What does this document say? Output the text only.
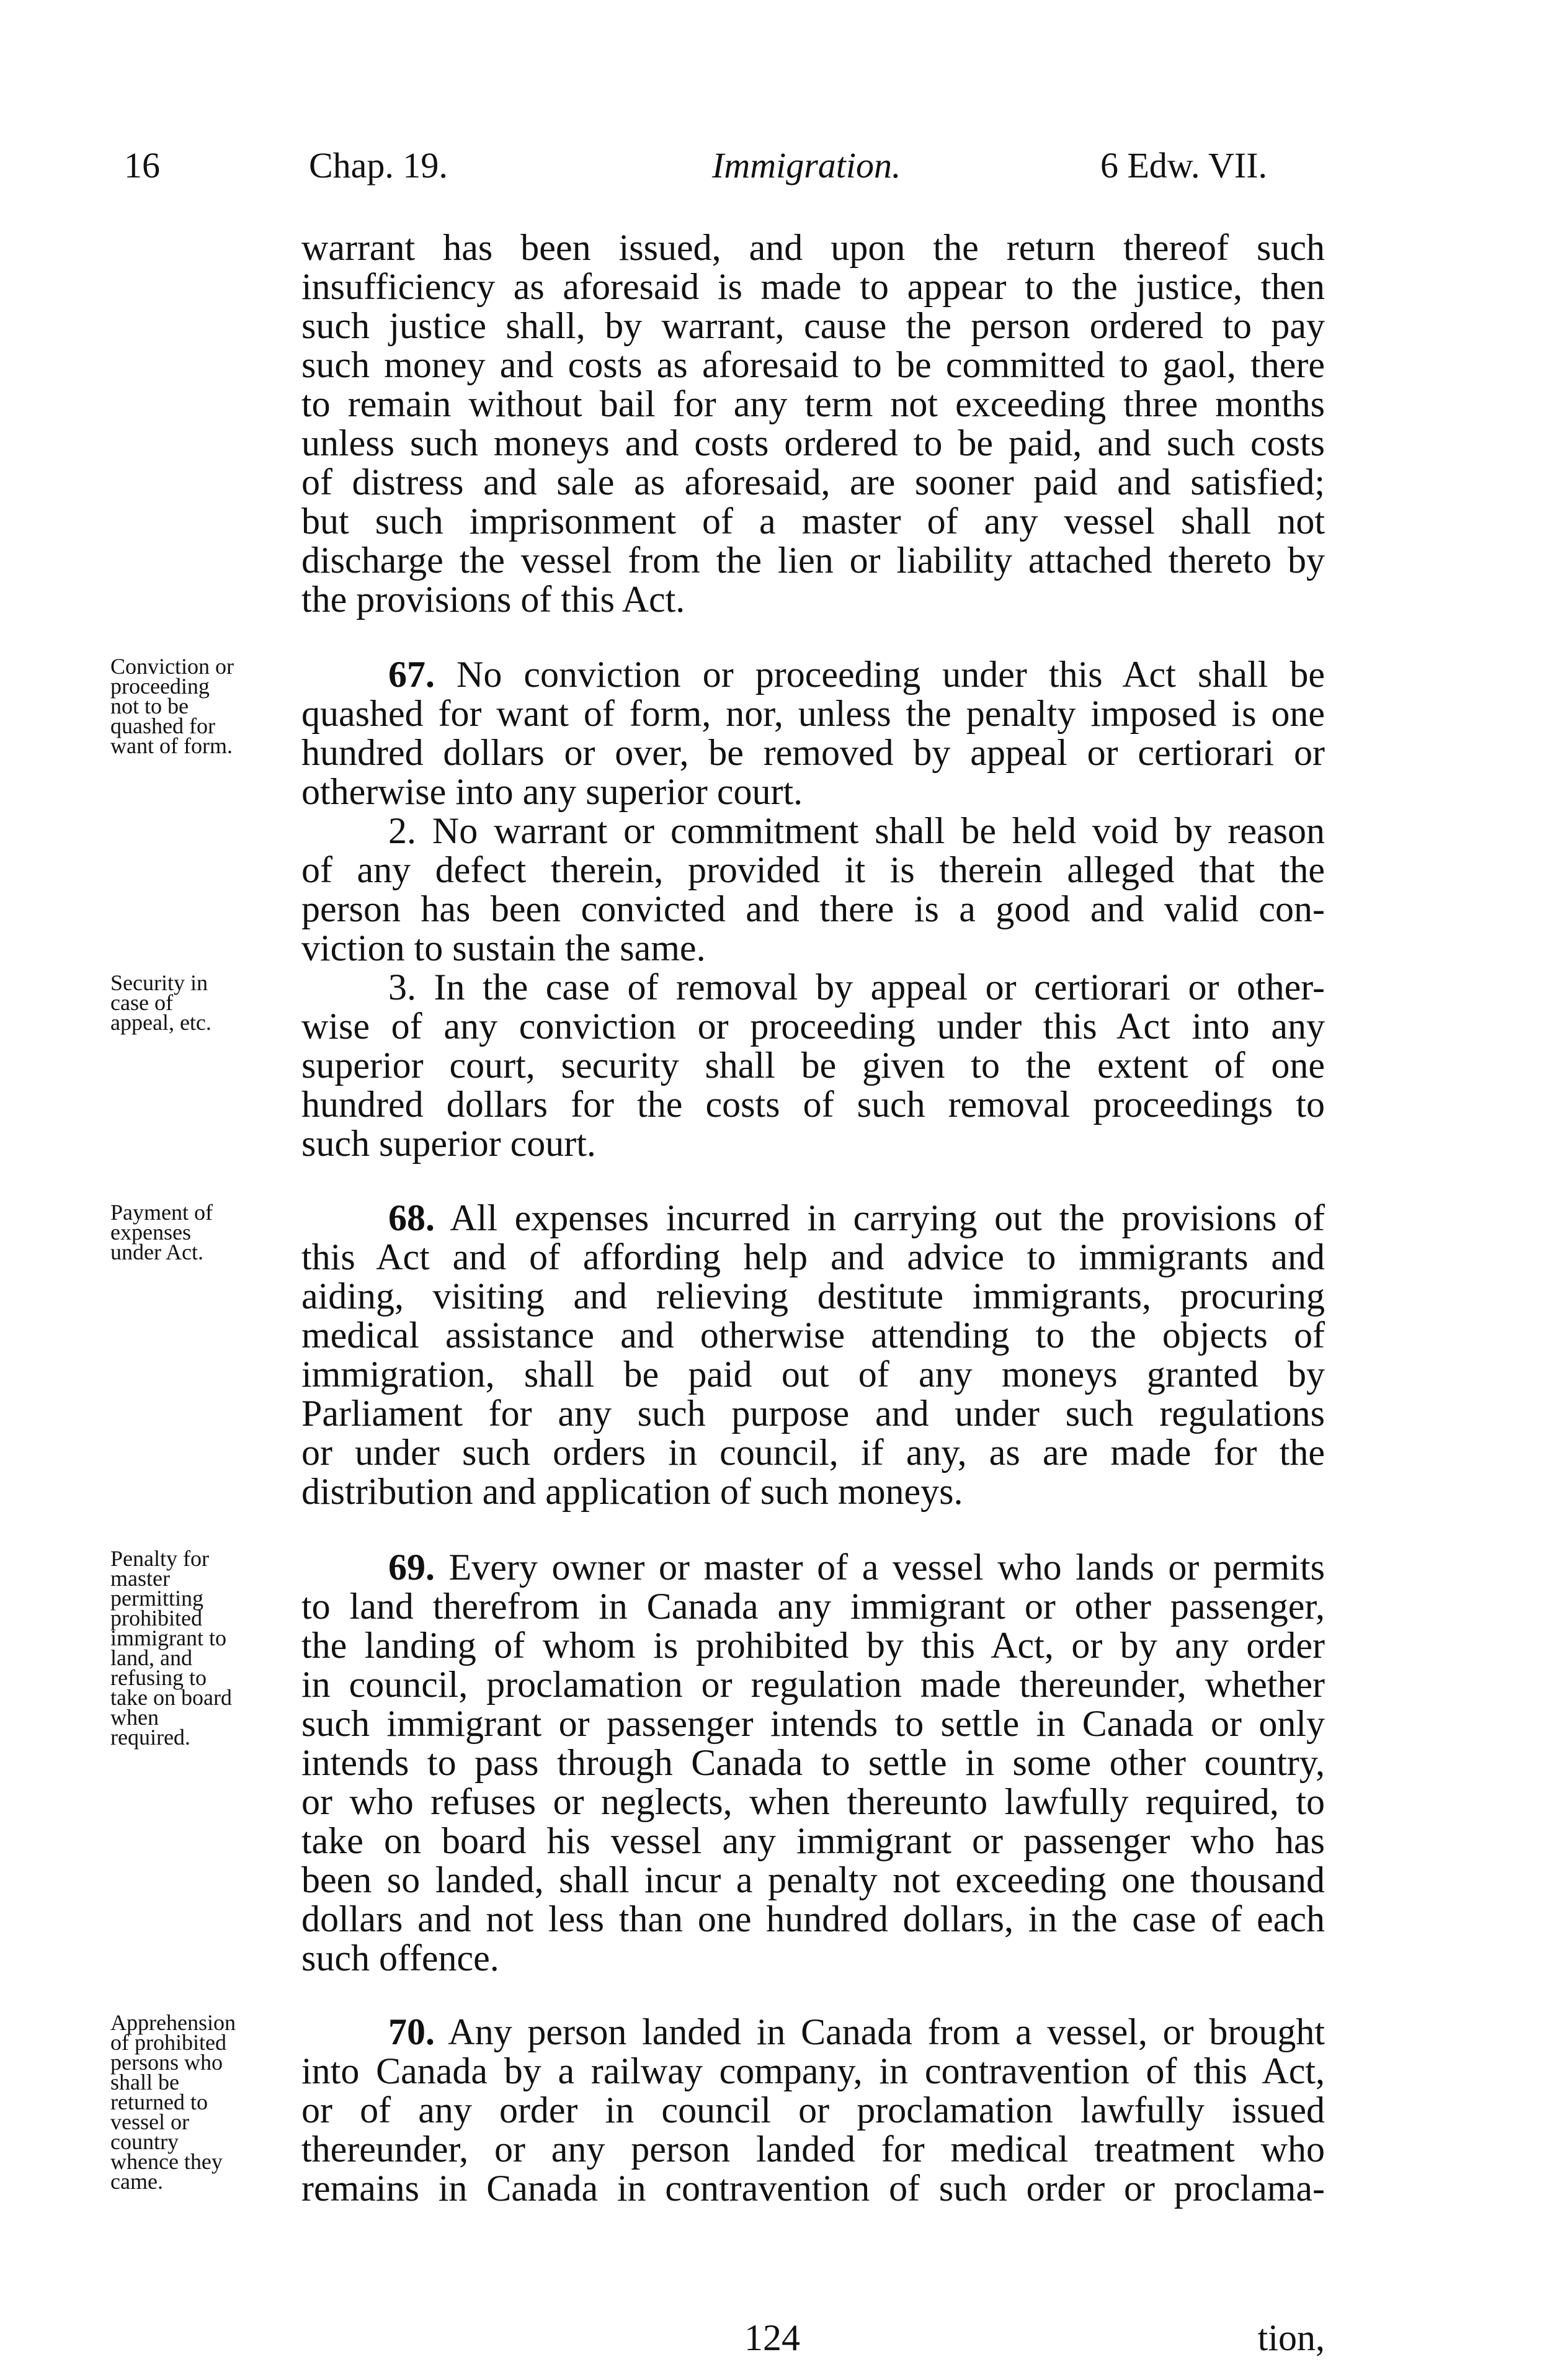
16	Chap. 19.	Immigration.	6 Edw. VII.
warrant has been issued, and upon the return thereof such
insufficiency as aforesaid is made to appear to the justice, then
such justice shall, by warrant, cause the person ordered to pay
such money and costs as aforesaid to be committed to gaol, there
to remain without bail for any term not exceeding three months
unless such moneys and costs ordered to be paid, and such costs
of distress and sale as aforesaid, are sooner paid and satisfied;
but such imprisonment of a master of any vessel shall not
discharge the vessel from the lien or liability attached thereto by
the provisions of this Act.
67. No conviction or proceeding under this Act shall be
quashed for want of form, nor, unless the penalty imposed is one
hundred dollars or over, be removed by appeal or certiorari or
otherwise into any superior court.
2. No warrant or commitment shall be held void by reason
of any defect therein, provided it is therein alleged that the
person has been convicted and there is a good and valid con-
viction to sustain the same.
3. In the case of removal by appeal or certiorari or other-
wise of any conviction or proceeding under this Act into any
superior court, security shall be given to the extent of one
hundred dollars for the costs of such removal proceedings to
such superior court.
68. All expenses incurred in carrying out the provisions of
this Act and of affording help and advice to immigrants and
aiding, visiting and relieving destitute immigrants, procuring
medical assistance and otherwise attending to the objects of
immigration, shall be paid out of any moneys granted by
Parliament for any such purpose and under such regulations
or under such orders in council, if any, as are made for the
distribution and application of such moneys.
69. Every owner or master of a vessel who lands or permits
to land therefrom in Canada any immigrant or other passenger,
the landing of whom is prohibited by this Act, or by any order
in council, proclamation or regulation made thereunder, whether
such immigrant or passenger intends to settle in Canada or only
intends to pass through Canada to settle in some other country,
or who refuses or neglects, when thereunto lawfully required, to
take on board his vessel any immigrant or passenger who has
been so landed, shall incur a penalty not exceeding one thousand
dollars and not less than one hundred dollars, in the case of each
such offence.
70. Any person landed in Canada from a vessel, or brought
into Canada by a railway company, in contravention of this Act,
or of any order in council or proclamation lawfully issued
thereunder, or any person landed for medical treatment who
remains in Canada in contravention of such order or proclama-
Conviction or
proceeding
not to be
quashed for
want of form.
Security in
case of
appeal, etc.
Payment of
expenses
under Act.
Penalty for
master
permitting
prohibited
immigrant to
land, and
refusing to
take on board
when
required.
Apprehension
of prohibited
persons who
shall be
returned to
vessel or
country
whence they
came.
124	tion,
